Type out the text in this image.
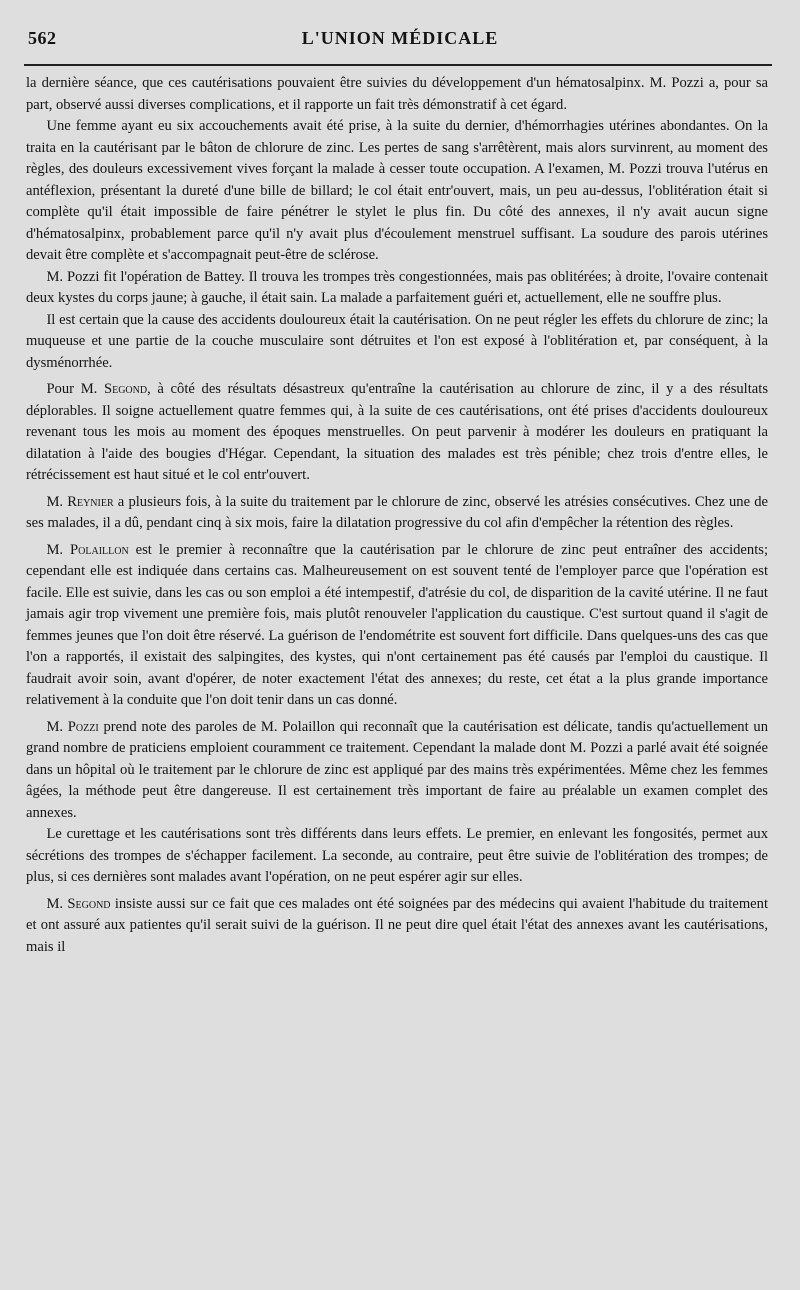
562	L'UNION MÉDICALE

la dernière séance, que ces cautérisations pouvaient être suivies du développement d'un hématosalpinx. M. Pozzi a, pour sa part, observé aussi diverses complications, et il rapporte un fait très démonstratif à cet égard.

Une femme ayant eu six accouchements avait été prise, à la suite du dernier, d'hémorrhagies utérines abondantes. On la traita en la cautérisant par le bâton de chlorure de zinc. Les pertes de sang s'arrêtèrent, mais alors survinrent, au moment des règles, des douleurs excessivement vives forçant la malade à cesser toute occupation. A l'examen, M. Pozzi trouva l'utérus en antéflexion, présentant la dureté d'une bille de billard; le col était entr'ouvert, mais, un peu au-dessus, l'oblitération était si complète qu'il était impossible de faire pénétrer le stylet le plus fin. Du côté des annexes, il n'y avait aucun signe d'hématosalpinx, probablement parce qu'il n'y avait plus d'écoulement menstruel suffisant. La soudure des parois utérines devait être complète et s'accompagnait peut-être de sclérose.

M. Pozzi fit l'opération de Battey. Il trouva les trompes très congestionnées, mais pas oblitérées; à droite, l'ovaire contenait deux kystes du corps jaune; à gauche, il était sain. La malade a parfaitement guéri et, actuellement, elle ne souffre plus.

Il est certain que la cause des accidents douloureux était la cautérisation. On ne peut régler les effets du chlorure de zinc; la muqueuse et une partie de la couche musculaire sont détruites et l'on est exposé à l'oblitération et, par conséquent, à la dysménorrhée.

Pour M. Segond, à côté des résultats désastreux qu'entraîne la cautérisation au chlorure de zinc, il y a des résultats déplorables. Il soigne actuellement quatre femmes qui, à la suite de ces cautérisations, ont été prises d'accidents douloureux revenant tous les mois au moment des époques menstruelles. On peut parvenir à modérer les douleurs en pratiquant la dilatation à l'aide des bougies d'Hégar. Cependant, la situation des malades est très pénible; chez trois d'entre elles, le rétrécissement est haut situé et le col entr'ouvert.

M. Reynier a plusieurs fois, à la suite du traitement par le chlorure de zinc, observé les atrésies consécutives. Chez une de ses malades, il a dû, pendant cinq à six mois, faire la dilatation progressive du col afin d'empêcher la rétention des règles.

M. Polaillon est le premier à reconnaître que la cautérisation par le chlorure de zinc peut entraîner des accidents; cependant elle est indiquée dans certains cas. Malheureusement on est souvent tenté de l'employer parce que l'opération est facile. Elle est suivie, dans les cas ou son emploi a été intempestif, d'atrésie du col, de disparition de la cavité utérine. Il ne faut jamais agir trop vivement une première fois, mais plutôt renouveler l'application du caustique. C'est surtout quand il s'agit de femmes jeunes que l'on doit être réservé. La guérison de l'endométrite est souvent fort difficile. Dans quelques-uns des cas que l'on a rapportés, il existait des salpingites, des kystes, qui n'ont certainement pas été causés par l'emploi du caustique. Il faudrait avoir soin, avant d'opérer, de noter exactement l'état des annexes; du reste, cet état a la plus grande importance relativement à la conduite que l'on doit tenir dans un cas donné.

M. Pozzi prend note des paroles de M. Polaillon qui reconnaît que la cautérisation est délicate, tandis qu'actuellement un grand nombre de praticiens emploient couramment ce traitement. Cependant la malade dont M. Pozzi a parlé avait été soignée dans un hôpital où le traitement par le chlorure de zinc est appliqué par des mains très expérimentées. Même chez les femmes âgées, la méthode peut être dangereuse. Il est certainement très important de faire au préalable un examen complet des annexes.

Le curettage et les cautérisations sont très différents dans leurs effets. Le premier, en enlevant les fongosités, permet aux sécrétions des trompes de s'échapper facilement. La seconde, au contraire, peut être suivie de l'oblitération des trompes; de plus, si ces dernières sont malades avant l'opération, on ne peut espérer agir sur elles.

M. Segond insiste aussi sur ce fait que ces malades ont été soignées par des médecins qui avaient l'habitude du traitement et ont assuré aux patientes qu'il serait suivi de la guérison. Il ne peut dire quel était l'état des annexes avant les cautérisations, mais il
